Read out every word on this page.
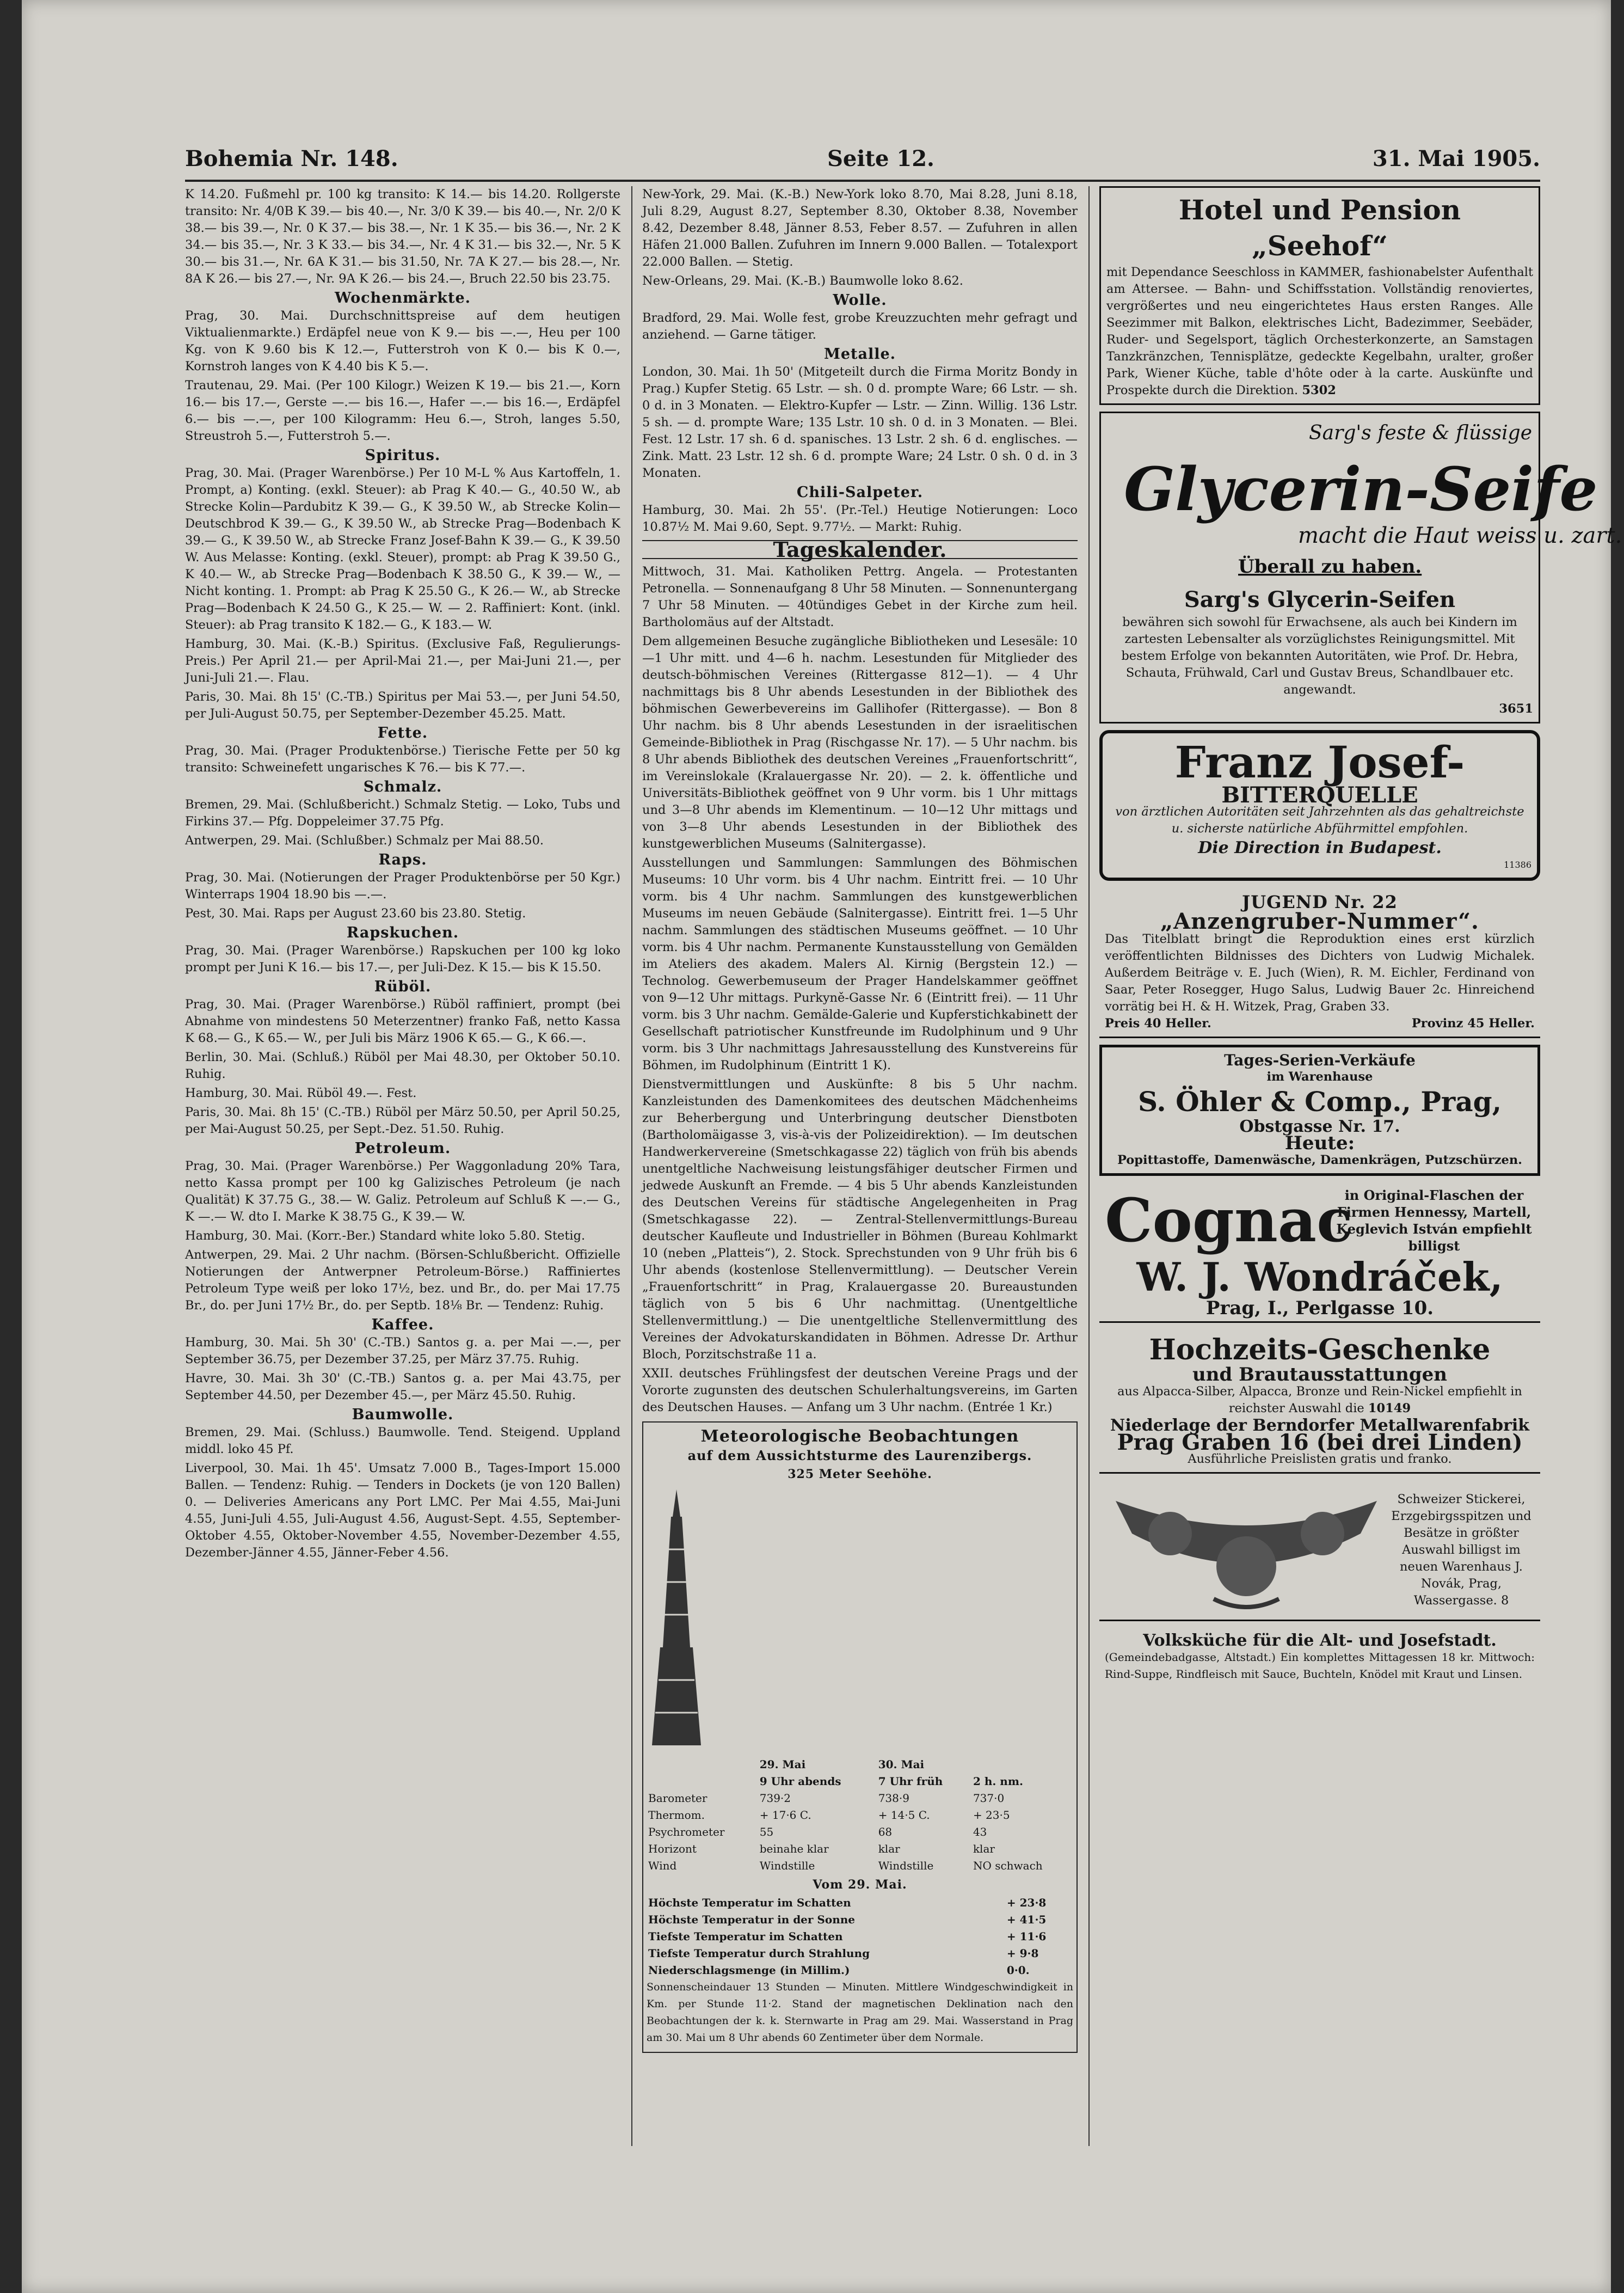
Bohemia Nr. 148.	Seite 12.	31. Mai 1905.
K 14.20. Fußmehl pr. 100 kg transito: K 14.— bis 14.20. Rollgerste transito: Nr. 4/0B K 39.— bis 40.—, Nr. 3/0 K 39.— bis 40.—, Nr. 2/0 K 38.— bis 39.—, Nr. 0 K 37.— bis 38.—, Nr. 1 K 35.— bis 36.—, Nr. 2 K 34.— bis 35.—, Nr. 3 K 33.— bis 34.—, Nr. 4 K 31.— bis 32.—, Nr. 5 K 30.— bis 31.—, Nr. 6A K 31.— bis 31.50, Nr. 7A K 27.— bis 28.—, Nr. 8A K 26.— bis 27.—, Nr. 9A K 26.— bis 24.—, Bruch 22.50 bis 23.75.
Wochenmärkte.
Prag, 30. Mai. Durchschnittspreise auf dem heutigen Viktualienmarkte.) Erdäpfel neue von K 9.— bis —.—, Heu per 100 Kg. von K 9.60 bis K 12.—, Futterstroh von K 0.— bis K 0.—, Kornstroh langes von K 4.40 bis K 5.—.
Trautenau, 29. Mai. (Per 100 Kilogr.) Weizen K 19.— bis 21.—, Korn 16.— bis 17.—, Gerste —.— bis 16.—, Hafer —.— bis 16.—, Erdäpfel 6.— bis —.—, per 100 Kilogramm: Heu 6.—, Stroh, langes 5.50, Streustroh 5.—, Futterstroh 5.—.
Spiritus.
Prag, 30. Mai. (Prager Warenbörse.) Per 10 M-L % Aus Kartoffeln, 1. Prompt, a) Konting. (exkl. Steuer): ab Prag K 40.— G., 40.50 W., ab Strecke Kolin—Pardubitz K 39.— G., K 39.50 W., ab Strecke Kolin—Deutschbrod K 39.— G., K 39.50 W., ab Strecke Prag—Bodenbach K 39.— G., K 39.50 W., ab Strecke Franz Josef-Bahn K 39.— G., K 39.50 W. Aus Melasse: Konting. (exkl. Steuer), prompt: ab Prag K 39.50 G., K 40.— W., ab Strecke Prag—Bodenbach K 38.50 G., K 39.— W., — Nicht konting. 1. Prompt: ab Prag K 25.50 G., K 26.— W., ab Strecke Prag—Bodenbach K 24.50 G., K 25.— W. — 2. Raffiniert: Kont. (inkl. Steuer): ab Prag transito K 182.— G., K 183.— W.
Hamburg, 30. Mai. (K.-B.) Spiritus. (Exclusive Faß, Regulierungs-Preis.) Per April 21.— per April-Mai 21.—, per Mai-Juni 21.—, per Juni-Juli 21.—. Flau.
Paris, 30. Mai. 8h 15' (C.-TB.) Spiritus per Mai 53.—, per Juni 54.50, per Juli-August 50.75, per September-Dezember 45.25. Matt.
Fette.
Prag, 30. Mai. (Prager Produktenbörse.) Tierische Fette per 50 kg transito: Schweinefett ungarisches K 76.— bis K 77.—.
Schmalz.
Bremen, 29. Mai. (Schlußbericht.) Schmalz Stetig. — Loko, Tubs und Firkins 37.— Pfg. Doppeleimer 37.75 Pfg.
Antwerpen, 29. Mai. (Schlußber.) Schmalz per Mai 88.50.
Raps.
Prag, 30. Mai. (Notierungen der Prager Produktenbörse per 50 Kgr.) Winterraps 1904 18.90 bis —.—.
Pest, 30. Mai. Raps per August 23.60 bis 23.80. Stetig.
Rapskuchen.
Prag, 30. Mai. (Prager Warenbörse.) Rapskuchen per 100 kg loko prompt per Juni K 16.— bis 17.—, per Juli-Dez. K 15.— bis K 15.50.
Rüböl.
Prag, 30. Mai. (Prager Warenbörse.) Rüböl raffiniert, prompt (bei Abnahme von mindestens 50 Meterzentner) franko Faß, netto Kassa K 68.— G., K 65.— W., per Juli bis März 1906 K 65.— G., K 66.—.
Berlin, 30. Mai. (Schluß.) Rüböl per Mai 48.30, per Oktober 50.10. Ruhig.
Hamburg, 30. Mai. Rüböl 49.—. Fest.
Paris, 30. Mai. 8h 15' (C.-TB.) Rüböl per März 50.50, per April 50.25, per Mai-August 50.25, per Sept.-Dez. 51.50. Ruhig.
Petroleum.
Prag, 30. Mai. (Prager Warenbörse.) Per Waggonladung 20% Tara, netto Kassa prompt per 100 kg Galizisches Petroleum (je nach Qualität) K 37.75 G., 38.— W. Galiz. Petroleum auf Schluß K —.— G., K —.— W. dto I. Marke K 38.75 G., K 39.— W.
Hamburg, 30. Mai. (Korr.-Ber.) Standard white loko 5.80. Stetig.
Antwerpen, 29. Mai. 2 Uhr nachm. (Börsen-Schlußbericht. Offizielle Notierungen der Antwerpner Petroleum-Börse.) Raffiniertes Petroleum Type weiß per loko 17½, bez. und Br., do. per Mai 17.75 Br., do. per Juni 17½ Br., do. per Septb. 18⅛ Br. — Tendenz: Ruhig.
Kaffee.
Hamburg, 30. Mai. 5h 30' (C.-TB.) Santos g. a. per Mai —.—, per September 36.75, per Dezember 37.25, per März 37.75. Ruhig.
Havre, 30. Mai. 3h 30' (C.-TB.) Santos g. a. per Mai 43.75, per September 44.50, per Dezember 45.—, per März 45.50. Ruhig.
Baumwolle.
Bremen, 29. Mai. (Schluss.) Baumwolle. Tend. Steigend. Uppland middl. loko 45 Pf.
Liverpool, 30. Mai. 1h 45'. Umsatz 7.000 B., Tages-Import 15.000 Ballen. — Tendenz: Ruhig. — Tenders in Dockets (je von 120 Ballen) 0. — Deliveries Americans any Port LMC. Per Mai 4.55, Mai-Juni 4.55, Juni-Juli 4.55, Juli-August 4.56, August-Sept. 4.55, September-Oktober 4.55, Oktober-November 4.55, November-Dezember 4.55, Dezember-Jänner 4.55, Jänner-Feber 4.56.
New-York, 29. Mai. (K.-B.) New-York loko 8.70, Mai 8.28, Juni 8.18, Juli 8.29, August 8.27, September 8.30, Oktober 8.38, November 8.42, Dezember 8.48, Jänner 8.53, Feber 8.57. — Zufuhren in allen Häfen 21.000 Ballen. Zufuhren im Innern 9.000 Ballen. — Totalexport 22.000 Ballen. — Stetig.
New-Orleans, 29. Mai. (K.-B.) Baumwolle loko 8.62.
Wolle.
Bradford, 29. Mai. Wolle fest, grobe Kreuzzuchten mehr gefragt und anziehend. — Garne tätiger.
Metalle.
London, 30. Mai. 1h 50' (Mitgeteilt durch die Firma Moritz Bondy in Prag.) Kupfer Stetig. 65 Lstr. — sh. 0 d. prompte Ware; 66 Lstr. — sh. 0 d. in 3 Monaten. — Elektro-Kupfer — Lstr. — Zinn. Willig. 136 Lstr. 5 sh. — d. prompte Ware; 135 Lstr. 10 sh. 0 d. in 3 Monaten. — Blei. Fest. 12 Lstr. 17 sh. 6 d. spanisches. 13 Lstr. 2 sh. 6 d. englisches. — Zink. Matt. 23 Lstr. 12 sh. 6 d. prompte Ware; 24 Lstr. 0 sh. 0 d. in 3 Monaten.
Chili-Salpeter.
Hamburg, 30. Mai. 2h 55'. (Pr.-Tel.) Heutige Notierungen: Loco 10.87½ M. Mai 9.60, Sept. 9.77½. — Markt: Ruhig.
Tageskalender.
Mittwoch, 31. Mai. Katholiken Pettrg. Angela. — Protestanten Petronella. — Sonnenaufgang 8 Uhr 58 Minuten. — Sonnenuntergang 7 Uhr 58 Minuten. — 40tündiges Gebet in der Kirche zum heil. Bartholomäus auf der Altstadt.
Dem allgemeinen Besuche zugängliche Bibliotheken und Lesesäle: 10—1 Uhr mitt. und 4—6 h. nachm. Lesestunden für Mitglieder des deutsch-böhmischen Vereines (Rittergasse 812—1). — 4 Uhr nachmittags bis 8 Uhr abends Lesestunden in der Bibliothek des böhmischen Gewerbevereins im Gallihofer (Rittergasse). — Bon 8 Uhr nachm. bis 8 Uhr abends Lesestunden in der israelitischen Gemeinde-Bibliothek in Prag (Rischgasse Nr. 17). — 5 Uhr nachm. bis 8 Uhr abends Bibliothek des deutschen Vereines „Frauenfortschritt“, im Vereinslokale (Kralauergasse Nr. 20). — 2. k. öffentliche und Universitäts-Bibliothek geöffnet von 9 Uhr vorm. bis 1 Uhr mittags und 3—8 Uhr abends im Klementinum. — 10—12 Uhr mittags und von 3—8 Uhr abends Lesestunden in der Bibliothek des kunstgewerblichen Museums (Salnitergasse).
Ausstellungen und Sammlungen: Sammlungen des Böhmischen Museums: 10 Uhr vorm. bis 4 Uhr nachm. Eintritt frei. — 10 Uhr vorm. bis 4 Uhr nachm. Sammlungen des kunstgewerblichen Museums im neuen Gebäude (Salnitergasse). Eintritt frei. 1—5 Uhr nachm. Sammlungen des städtischen Museums geöffnet. — 10 Uhr vorm. bis 4 Uhr nachm. Permanente Kunstausstellung von Gemälden im Ateliers des akadem. Malers Al. Kirnig (Bergstein 12.) — Technolog. Gewerbemuseum der Prager Handelskammer geöffnet von 9—12 Uhr mittags. Purkyně-Gasse Nr. 6 (Eintritt frei). — 11 Uhr vorm. bis 3 Uhr nachm. Gemälde-Galerie und Kupferstichkabinett der Gesellschaft patriotischer Kunstfreunde im Rudolphinum und 9 Uhr vorm. bis 3 Uhr nachmittags Jahresausstellung des Kunstvereins für Böhmen, im Rudolphinum (Eintritt 1 K).
Dienstvermittlungen und Auskünfte: 8 bis 5 Uhr nachm. Kanzleistunden des Damenkomitees des deutschen Mädchenheims zur Beherbergung und Unterbringung deutscher Dienstboten (Bartholomäigasse 3, vis-à-vis der Polizeidirektion). — Im deutschen Handwerkervereine (Smetschkagasse 22) täglich von früh bis abends unentgeltliche Nachweisung leistungsfähiger deutscher Firmen und jedwede Auskunft an Fremde. — 4 bis 5 Uhr abends Kanzleistunden des Deutschen Vereins für städtische Angelegenheiten in Prag (Smetschkagasse 22). — Zentral-Stellenvermittlungs-Bureau deutscher Kaufleute und Industrieller in Böhmen (Bureau Kohlmarkt 10 (neben „Platteis“), 2. Stock. Sprechstunden von 9 Uhr früh bis 6 Uhr abends (kostenlose Stellenvermittlung). — Deutscher Verein „Frauenfortschritt“ in Prag, Kralauergasse 20. Bureaustunden täglich von 5 bis 6 Uhr nachmittag. (Unentgeltliche Stellenvermittlung.) — Die unentgeltliche Stellenvermittlung des Vereines der Advokaturskandidaten in Böhmen. Adresse Dr. Arthur Bloch, Porzitschstraße 11 a.
XXII. deutsches Frühlingsfest der deutschen Vereine Prags und der Vororte zugunsten des deutschen Schulerhaltungsvereins, im Garten des Deutschen Hauses. — Anfang um 3 Uhr nachm. (Entrée 1 Kr.)
Meteorologische Beobachtungen
auf dem Aussichtsturme des Laurenzibergs.
325 Meter Seehöhe.
	29. Mai	30. Mai	
	9 Uhr abends	7 Uhr früh	2 h. nm.
Barometer	739·2	738·9	737·0
Thermom.	+ 17·6 C.	+ 14·5 C.	+ 23·5
Psychrometer	55	68	43
Horizont	beinahe klar	klar	klar
Wind	Windstille	Windstille	NO schwach
Vom 29. Mai.
Höchste Temperatur im Schatten	+ 23·8
Höchste Temperatur in der Sonne	+ 41·5
Tiefste Temperatur im Schatten	+ 11·6
Tiefste Temperatur durch Strahlung	+ 9·8
Niederschlagsmenge (in Millim.)	0·0.
Sonnenscheindauer 13 Stunden — Minuten. Mittlere Windgeschwindigkeit in Km. per Stunde 11·2. Stand der magnetischen Deklination nach den Beobachtungen der k. k. Sternwarte in Prag am 29. Mai. Wasserstand in Prag am 30. Mai um 8 Uhr abends 60 Zentimeter über dem Normale.
Hotel und Pension „Seehof“
mit Dependance Seeschloss in KAMMER, fashionabelster Aufenthalt am Attersee. — Bahn- und Schiffsstation. Vollständig renoviertes, vergrößertes und neu eingerichtetes Haus ersten Ranges. Alle Seezimmer mit Balkon, elektrisches Licht, Badezimmer, Seebäder, Ruder- und Segelsport, täglich Orchesterkonzerte, an Samstagen Tanzkränzchen, Tennisplätze, gedeckte Kegelbahn, uralter, großer Park, Wiener Küche, table d'hôte oder à la carte. Auskünfte und Prospekte durch die Direktion. 5302
Sarg's feste & flüssige
Glycerin-Seife
macht die Haut weiss u. zart.
Überall zu haben.
Sarg's Glycerin-Seifen
bewähren sich sowohl für Erwachsene, als auch bei Kindern im zartesten Lebensalter als vorzüglichstes Reinigungsmittel. Mit bestem Erfolge von bekannten Autoritäten, wie Prof. Dr. Hebra, Schauta, Frühwald, Carl und Gustav Breus, Schandlbauer etc. angewandt.
3651
Franz Josef-
BITTERQUELLE
von ärztlichen Autoritäten seit Jahrzehnten als das gehaltreichste u. sicherste natürliche Abführmittel empfohlen.
Die Direction in Budapest.
11386
JUGEND Nr. 22
„Anzengruber-Nummer“.
Das Titelblatt bringt die Reproduktion eines erst kürzlich veröffentlichten Bildnisses des Dichters von Ludwig Michalek. Außerdem Beiträge v. E. Juch (Wien), R. M. Eichler, Ferdinand von Saar, Peter Rosegger, Hugo Salus, Ludwig Bauer 2c. Hinreichend vorrätig bei H. & H. Witzek, Prag, Graben 33.
Preis 40 Heller.	Provinz 45 Heller.
Tages-Serien-Verkäufe
im Warenhause
S. Öhler & Comp., Prag,
Obstgasse Nr. 17.
Heute:
Popittastoffe, Damenwäsche, Damenkrägen, Putzschürzen.
Cognac
in Original-Flaschen der Firmen Hennessy, Martell, Keglevich István empfiehlt billigst
W. J. Wondráček,
Prag, I., Perlgasse 10.
Hochzeits-Geschenke
und Brautausstattungen
aus Alpacca-Silber, Alpacca, Bronze und Rein-Nickel empfiehlt in reichster Auswahl die 10149
Niederlage der Berndorfer Metallwarenfabrik
Prag Graben 16 (bei drei Linden)
Ausführliche Preislisten gratis und franko.
Schweizer Stickerei, Erzgebirgsspitzen und Besätze in größter Auswahl billigst im neuen Warenhaus J. Novák, Prag, Wassergasse. 8
Volksküche für die Alt- und Josefstadt.
(Gemeindebadgasse, Altstadt.) Ein komplettes Mittagessen 18 kr. Mittwoch: Rind-Suppe, Rindfleisch mit Sauce, Buchteln, Knödel mit Kraut und Linsen.
